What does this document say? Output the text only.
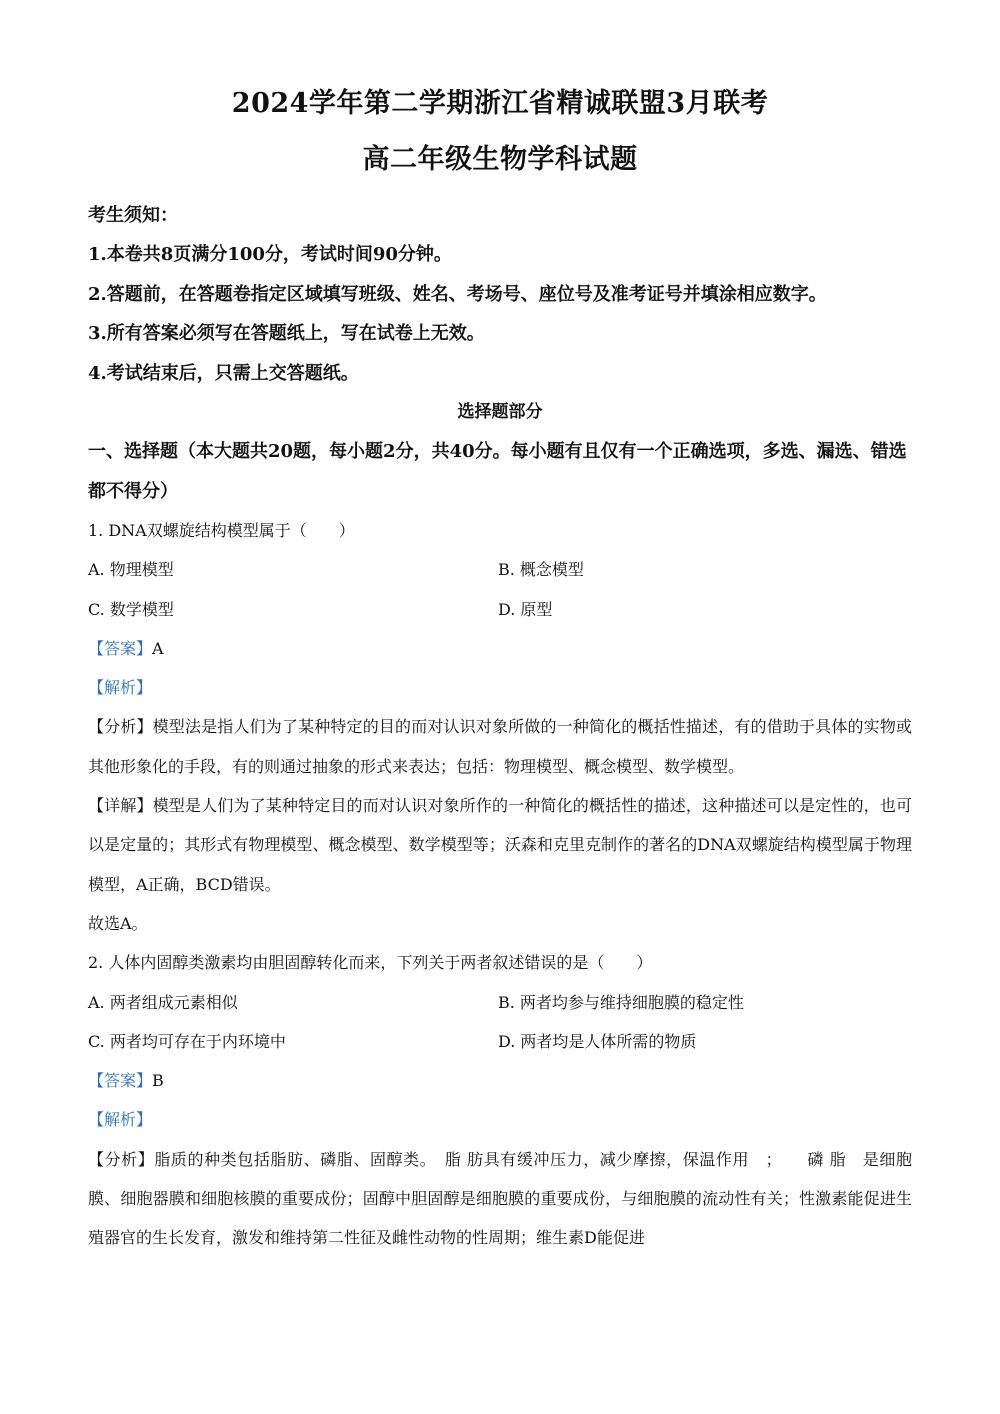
2024学年第二学期浙江省精诚联盟3月联考
高二年级生物学科试题
考生须知：
1.本卷共8页满分100分，考试时间90分钟。
2.答题前，在答题卷指定区域填写班级、姓名、考场号、座位号及准考证号并填涂相应数字。
3.所有答案必须写在答题纸上，写在试卷上无效。
4.考试结束后，只需上交答题纸。
选择题部分
一、选择题（本大题共20题，每小题2分，共40分。每小题有且仅有一个正确选项，多选、漏选、错选都不得分）
1. DNA双螺旋结构模型属于（　　）
A. 物理模型	B. 概念模型
C. 数学模型	D. 原型
【答案】A
【解析】
【分析】模型法是指人们为了某种特定的目的而对认识对象所做的一种简化的概括性描述，有的借助于具体的实物或其他形象化的手段，有的则通过抽象的形式来表达；包括：物理模型、概念模型、数学模型。
【详解】模型是人们为了某种特定目的而对认识对象所作的一种简化的概括性的描述，这种描述可以是定性的，也可以是定量的；其形式有物理模型、概念模型、数学模型等；沃森和克里克制作的著名的DNA双螺旋结构模型属于物理模型，A正确，BCD错误。
故选A。
2. 人体内固醇类激素均由胆固醇转化而来，下列关于两者叙述错误的是（　　）
A. 两者组成元素相似	B. 两者均参与维持细胞膜的稳定性
C. 两者均可存在于内环境中	D. 两者均是人体所需的物质
【答案】B
【解析】
【分析】脂质的种类包括脂肪、磷脂、固醇类。　脂 肪具有缓冲压力，减少摩擦，保温作用　；　　磷 脂　是细胞膜、细胞器膜和细胞核膜的重要成份；固醇中胆固醇是细胞膜的重要成份，与细胞膜的流动性有关；性激素能促进生殖器官的生长发育，激发和维持第二性征及雌性动物的性周期；维生素D能促进
